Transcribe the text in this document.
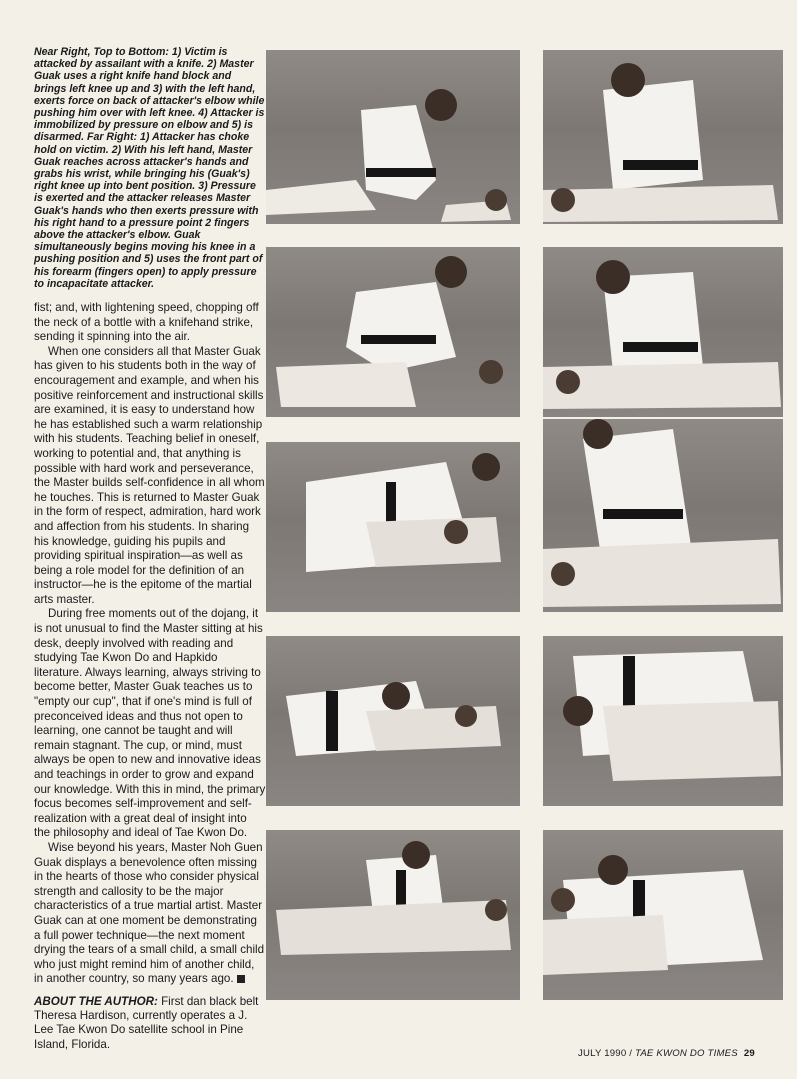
Near Right, Top to Bottom: 1) Victim is attacked by assailant with a knife. 2) Master Guak uses a right knife hand block and brings left knee up and 3) with the left hand, exerts force on back of attacker's elbow while pushing him over with left knee. 4) Attacker is immobilized by pressure on elbow and 5) is disarmed. Far Right: 1) Attacker has choke hold on victim. 2) With his left hand, Master Guak reaches across attacker's hands and grabs his wrist, while bringing his (Guak's) right knee up into bent position. 3) Pressure is exerted and the attacker releases Master Guak's hands who then exerts pressure with his right hand to a pressure point 2 fingers above the attacker's elbow. Guak simultaneously begins moving his knee in a pushing position and 5) uses the front part of his forearm (fingers open) to apply pressure to incapacitate attacker.

fist; and, with lightening speed, chopping off the neck of a bottle with a knifehand strike, sending it spinning into the air.

When one considers all that Master Guak has given to his students both in the way of encouragement and example, and when his positive reinforcement and instructional skills are examined, it is easy to understand how he has established such a warm relationship with his students. Teaching belief in oneself, working to potential and, that anything is possible with hard work and perseverance, the Master builds self-confidence in all whom he touches. This is returned to Master Guak in the form of respect, admiration, hard work and affection from his students. In sharing his knowledge, guiding his pupils and providing spiritual inspiration—as well as being a role model for the definition of an instructor—he is the epitome of the martial arts master.

During free moments out of the dojang, it is not unusual to find the Master sitting at his desk, deeply involved with reading and studying Tae Kwon Do and Hapkido literature. Always learning, always striving to become better, Master Guak teaches us to "empty our cup", that if one's mind is full of preconceived ideas and thus not open to learning, one cannot be taught and will remain stagnant. The cup, or mind, must always be open to new and innovative ideas and teachings in order to grow and expand our knowledge. With this in mind, the primary focus becomes self-improvement and self-realization with a great deal of insight into the philosophy and ideal of Tae Kwon Do.

Wise beyond his years, Master Noh Guen Guak displays a benevolence often missing in the hearts of those who consider physical strength and callosity to be the major characteristics of a true martial artist. Master Guak can at one moment be demonstrating a full power technique—the next moment drying the tears of a small child, a small child who just might remind him of another child, in another country, so many years ago.

ABOUT THE AUTHOR: First dan black belt Theresa Hardison, currently operates a J. Lee Tae Kwon Do satellite school in Pine Island, Florida.
JULY 1990 / TAE KWON DO TIMES 29
